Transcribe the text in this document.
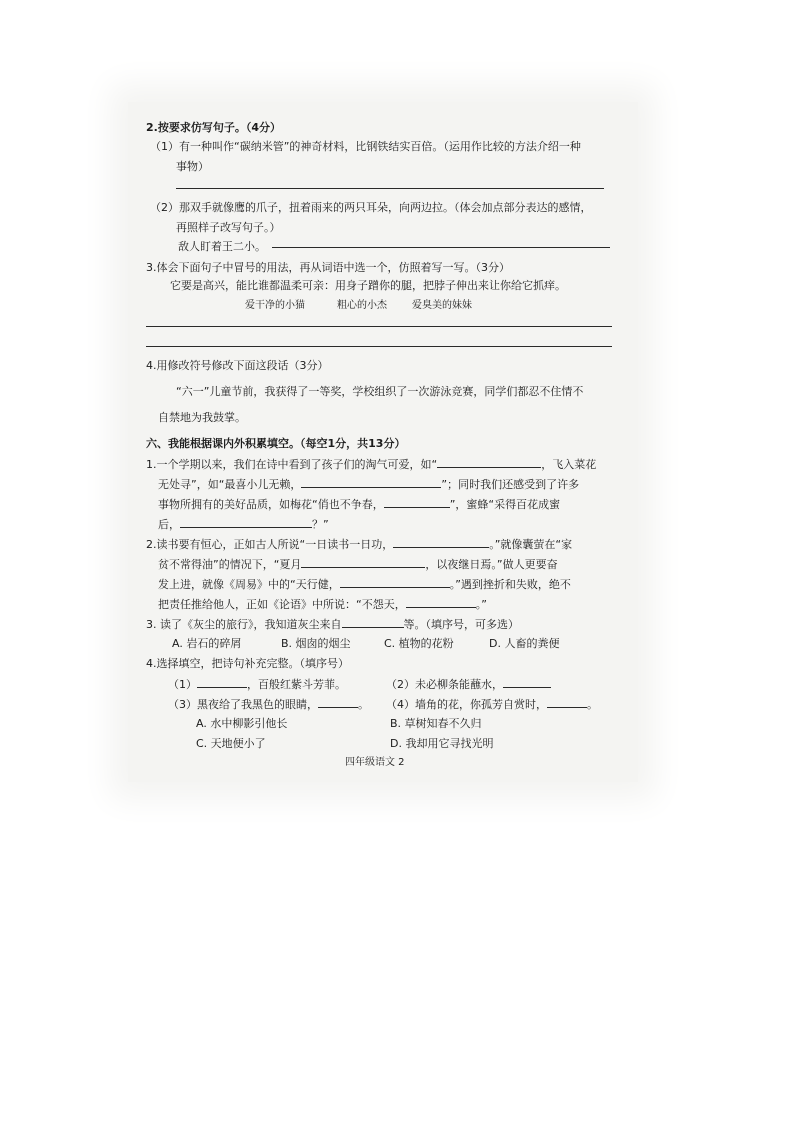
2.按要求仿写句子。（4分）
（1）有一种叫作“碳纳米管”的神奇材料，比钢铁结实百倍。（运用作比较的方法介绍一种
事物）
（2）那双手就像鹰的爪子，扭着雨来的两只耳朵，向两边拉。（体会加点部分表达的感情，
再照样子改写句子。）
敌人盯着王二小。
3.体会下面句子中冒号的用法，再从词语中选一个，仿照着写一写。（3分）
它要是高兴，能比谁都温柔可亲：用身子蹭你的腿，把脖子伸出来让你给它抓痒。
爱干净的小猫	粗心的小杰	爱臭美的妹妹
4.用修改符号修改下面这段话（3分）
“六一”儿童节前，我获得了一等奖，学校组织了一次游泳竞赛，同学们都忍不住情不
自禁地为我鼓掌。
六、我能根据课内外积累填空。（每空1分，共13分）
1.一个学期以来，我们在诗中看到了孩子们的淘气可爱，如“	，飞入菜花
无处寻”，如“最喜小儿无赖，	”；同时我们还感受到了许多
事物所拥有的美好品质，如梅花“俏也不争春，	”，蜜蜂“采得百花成蜜
后，	？”
2.读书要有恒心，正如古人所说“一日读书一日功，	。”就像囊萤在“家
贫不常得油”的情况下，“夏月	，以夜继日焉。”做人更要奋
发上进，就像《周易》中的“天行健，	。”遇到挫折和失败，绝不
把责任推给他人，正如《论语》中所说：“不怨天，	。”
3. 读了《灰尘的旅行》，我知道灰尘来自	等。（填序号，可多选）
A. 岩石的碎屑	B. 烟囱的烟尘	C. 植物的花粉	D. 人畜的粪便
4.选择填空，把诗句补充完整。（填序号）
（1）	，百般红紫斗芳菲。	（2）未必柳条能蘸水，
（3）黑夜给了我黑色的眼睛，	。 （4）墙角的花，你孤芳自赏时，	。
A. 水中柳影引他长	B. 草树知春不久归
C. 天地便小了	D. 我却用它寻找光明
四年级语文 2
